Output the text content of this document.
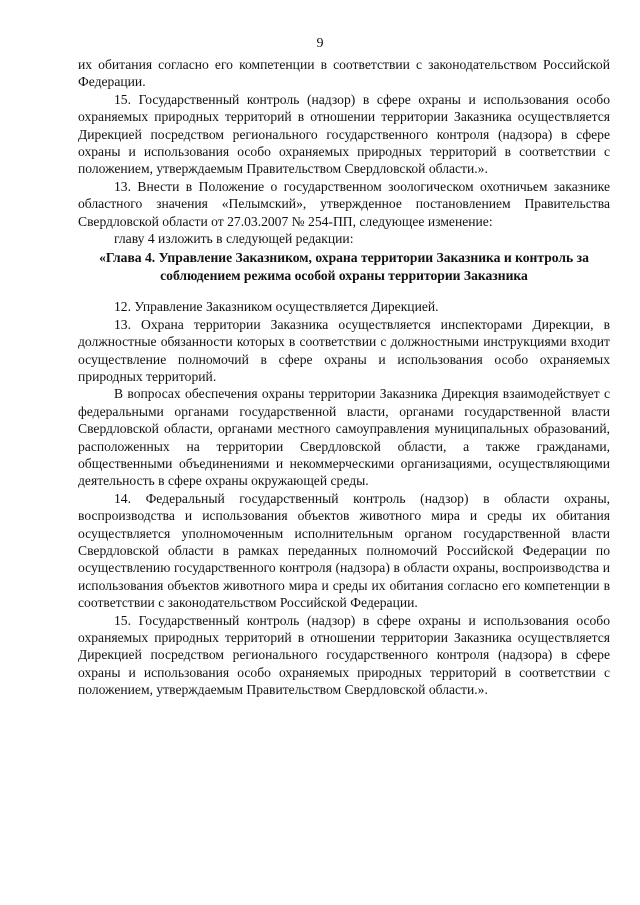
9

их обитания согласно его компетенции в соответствии с законодательством Российской Федерации.

15. Государственный контроль (надзор) в сфере охраны и использования особо охраняемых природных территорий в отношении территории Заказника осуществляется Дирекцией посредством регионального государственного контроля (надзора) в сфере охраны и использования особо охраняемых природных территорий в соответствии с положением, утверждаемым Правительством Свердловской области.».

13. Внести в Положение о государственном зоологическом охотничьем заказнике областного значения «Пелымский», утвержденное постановлением Правительства Свердловской области от 27.03.2007 № 254-ПП, следующее изменение:

главу 4 изложить в следующей редакции:

«Глава 4. Управление Заказником, охрана территории Заказника и контроль за соблюдением режима особой охраны территории Заказника

12. Управление Заказником осуществляется Дирекцией.

13. Охрана территории Заказника осуществляется инспекторами Дирекции, в должностные обязанности которых в соответствии с должностными инструкциями входит осуществление полномочий в сфере охраны и использования особо охраняемых природных территорий.

В вопросах обеспечения охраны территории Заказника Дирекция взаимодействует с федеральными органами государственной власти, органами государственной власти Свердловской области, органами местного самоуправления муниципальных образований, расположенных на территории Свердловской области, а также гражданами, общественными объединениями и некоммерческими организациями, осуществляющими деятельность в сфере охраны окружающей среды.

14. Федеральный государственный контроль (надзор) в области охраны, воспроизводства и использования объектов животного мира и среды их обитания осуществляется уполномоченным исполнительным органом государственной власти Свердловской области в рамках переданных полномочий Российской Федерации по осуществлению государственного контроля (надзора) в области охраны, воспроизводства и использования объектов животного мира и среды их обитания согласно его компетенции в соответствии с законодательством Российской Федерации.

15. Государственный контроль (надзор) в сфере охраны и использования особо охраняемых природных территорий в отношении территории Заказника осуществляется Дирекцией посредством регионального государственного контроля (надзора) в сфере охраны и использования особо охраняемых природных территорий в соответствии с положением, утверждаемым Правительством Свердловской области.».
